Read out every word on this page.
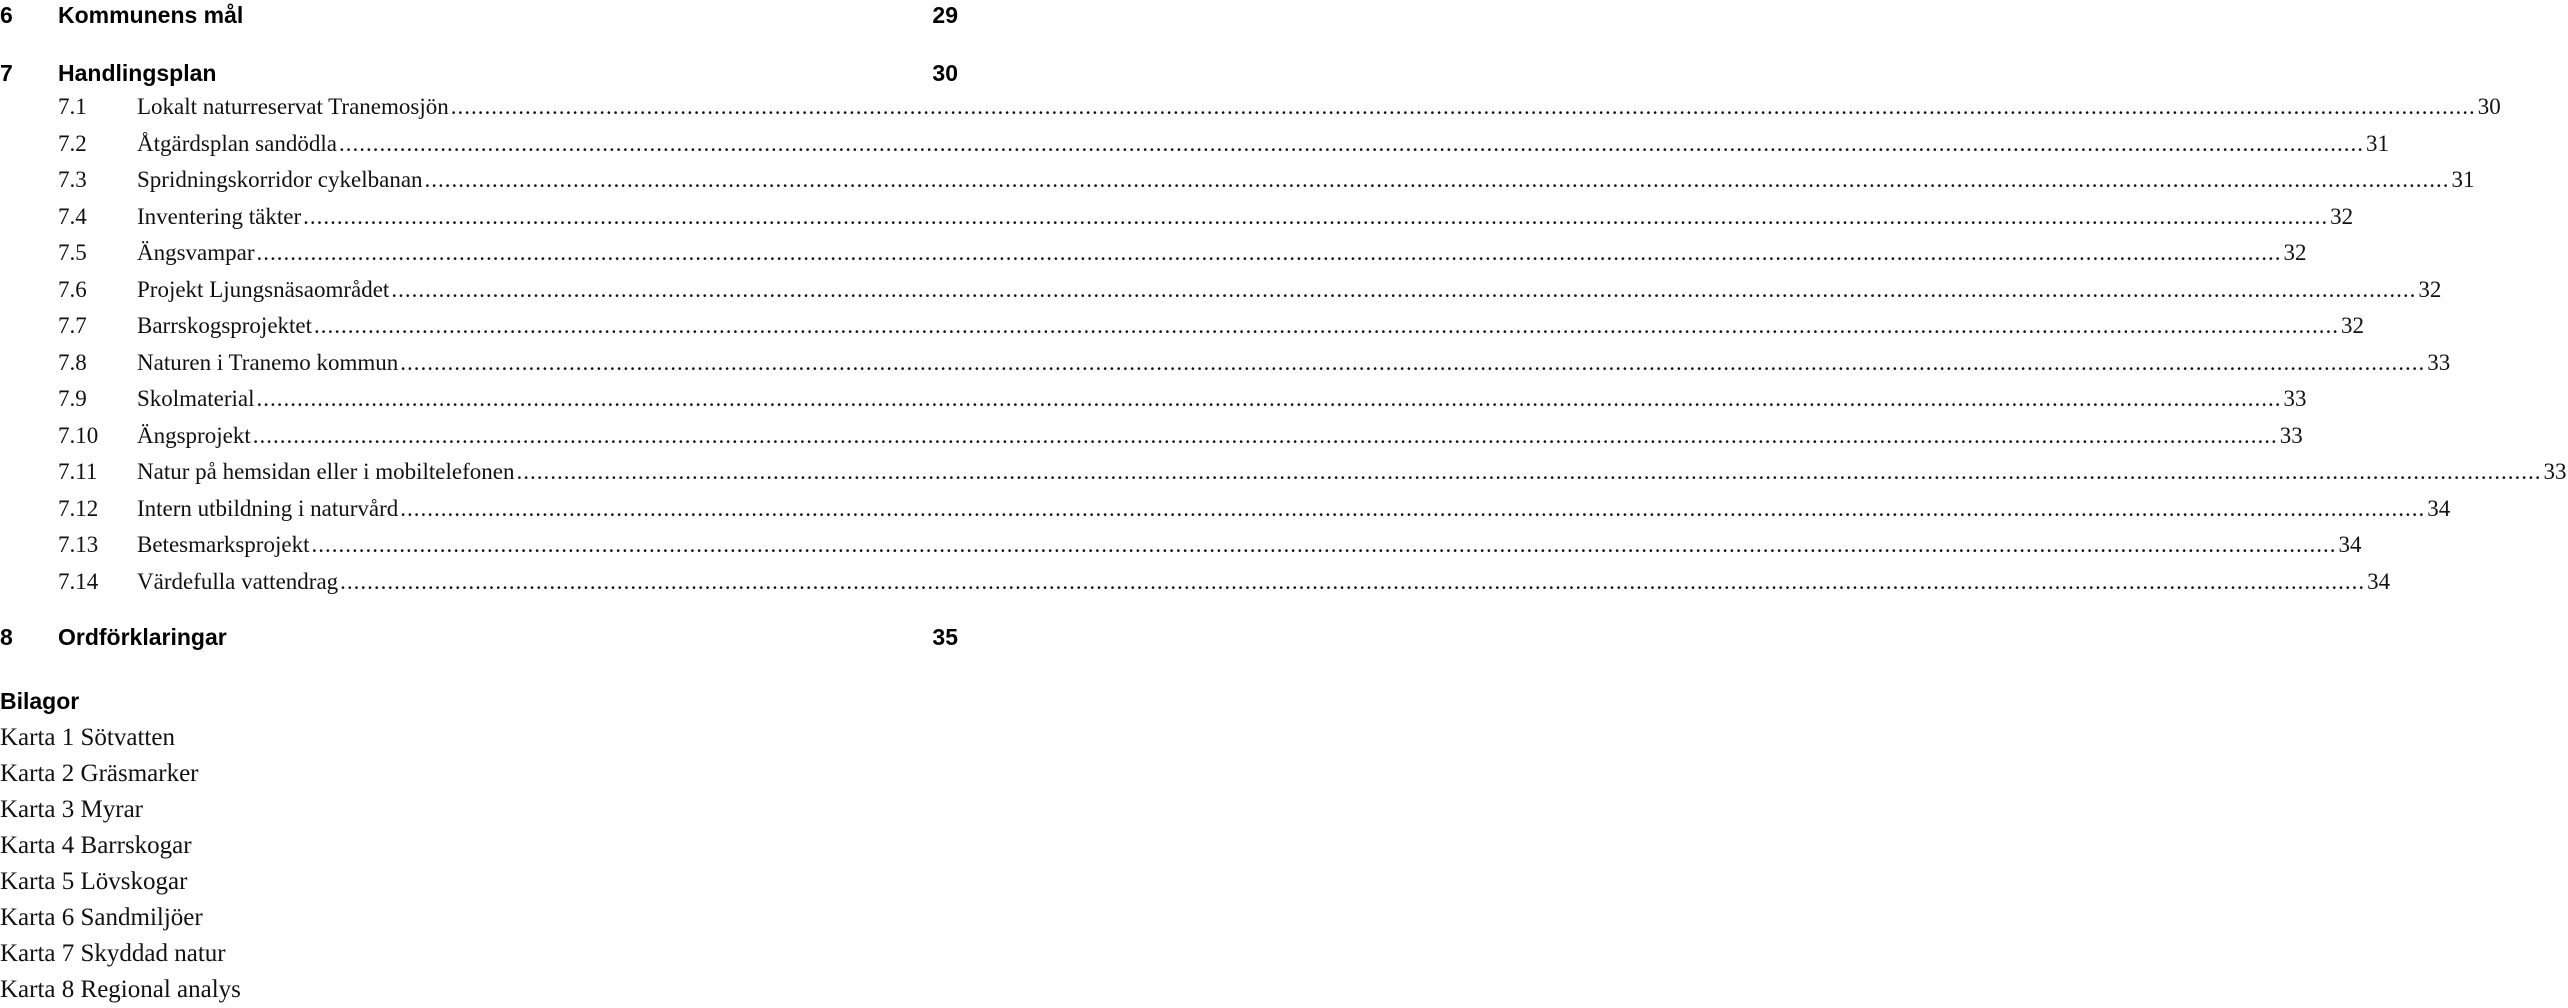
6 Kommunens mål	29
7 Handlingsplan	30
7.1 Lokalt naturreservat Tranemosjön ............................................................................................................................................................................................................................................................................................................ 30
7.2 Åtgärdsplan sandödla ............................................................................................................................................................................................................................................................................................................ 31
7.3 Spridningskorridor cykelbanan ............................................................................................................................................................................................................................................................................................................ 31
7.4 Inventering täkter ............................................................................................................................................................................................................................................................................................................ 32
7.5 Ängsvampar ............................................................................................................................................................................................................................................................................................................ 32
7.6 Projekt Ljungsnäsaområdet ............................................................................................................................................................................................................................................................................................................ 32
7.7 Barrskogsprojektet ............................................................................................................................................................................................................................................................................................................ 32
7.8 Naturen i Tranemo kommun ............................................................................................................................................................................................................................................................................................................ 33
7.9 Skolmaterial ............................................................................................................................................................................................................................................................................................................ 33
7.10 Ängsprojekt ............................................................................................................................................................................................................................................................................................................ 33
7.11 Natur på hemsidan eller i mobiltelefonen ............................................................................................................................................................................................................................................................................................................ 33
7.12 Intern utbildning i naturvård ............................................................................................................................................................................................................................................................................................................ 34
7.13 Betesmarksprojekt ............................................................................................................................................................................................................................................................................................................ 34
7.14 Värdefulla vattendrag ............................................................................................................................................................................................................................................................................................................ 34
8 Ordförklaringar	35
Bilagor
Karta 1 Sötvatten
Karta 2 Gräsmarker
Karta 3 Myrar
Karta 4 Barrskogar
Karta 5 Lövskogar
Karta 6 Sandmiljöer
Karta 7 Skyddad natur
Karta 8 Regional analys
